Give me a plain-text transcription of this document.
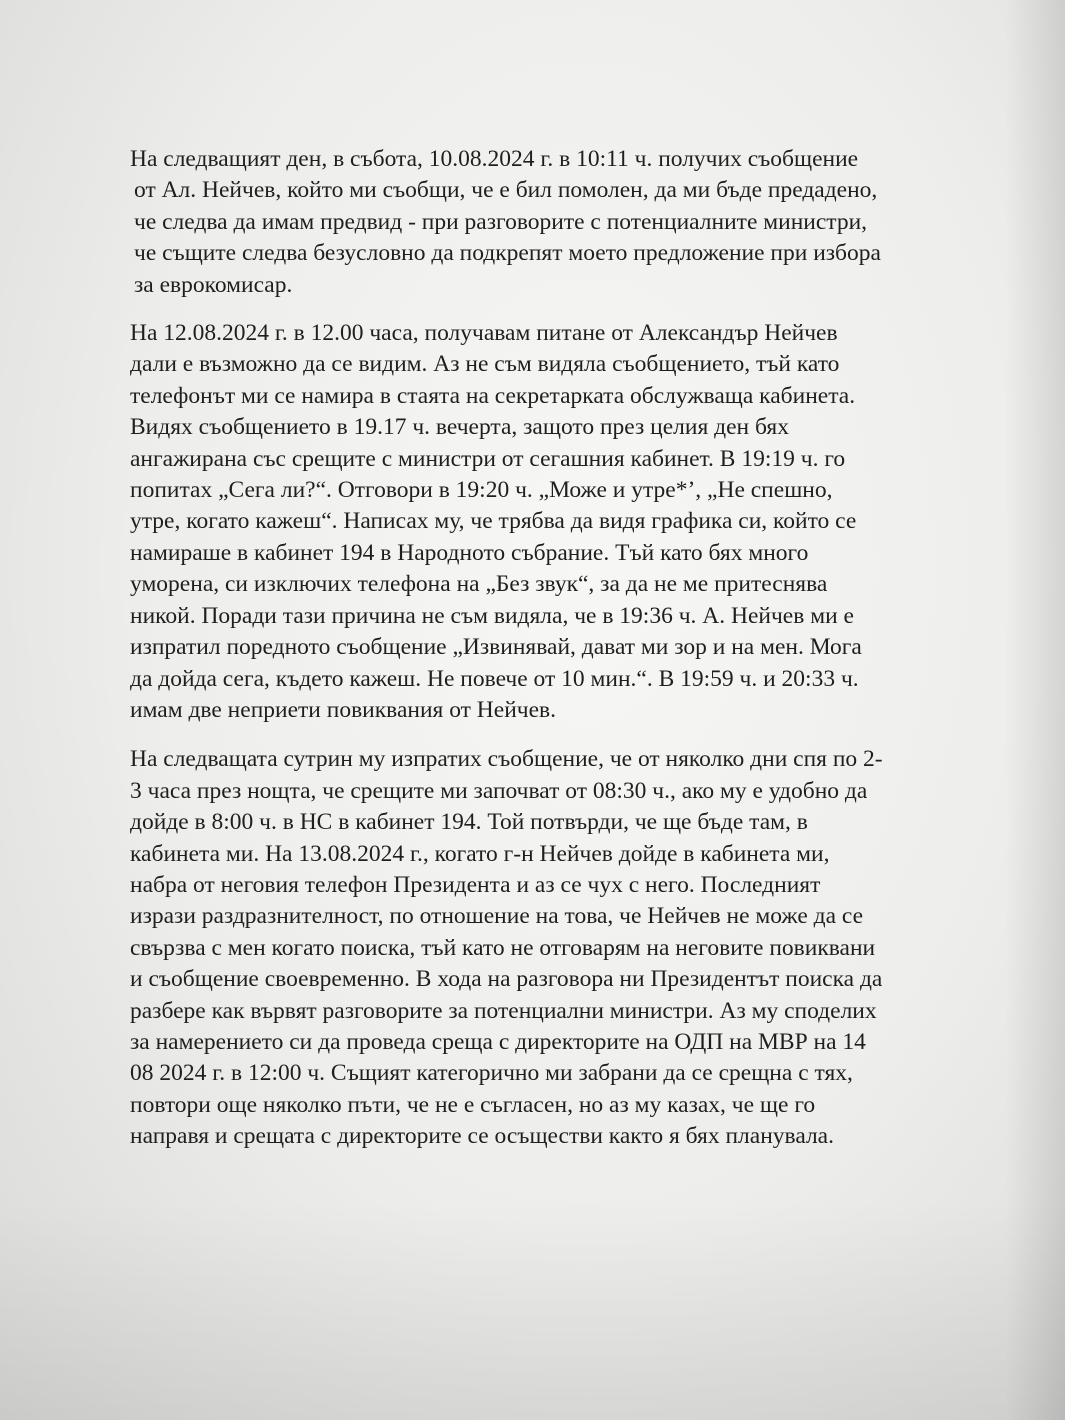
На следващият ден, в събота, 10.08.2024 г. в 10:11 ч. получих съобщение
от Ал. Нейчев, който ми съобщи, че е бил помолен, да ми бъде предадено,
че следва да имам предвид - при разговорите с потенциалните министри,
че същите следва безусловно да подкрепят моето предложение при избора
за еврокомисар.
На 12.08.2024 г. в 12.00 часа, получавам питане от Александър Нейчев
дали е възможно да се видим. Аз не съм видяла съобщението, тъй като
телефонът ми се намира в стаята на секретарката обслужваща кабинета.
Видях съобщението в 19.17 ч. вечерта, защото през целия ден бях
ангажирана със срещите с министри от сегашния кабинет. В 19:19 ч. го
попитах „Сега ли?“. Отговори в 19:20 ч. „Може и утре*’, „Не спешно,
утре, когато кажеш“. Написах му, че трябва да видя графика си, който се
намираше в кабинет 194 в Народното събрание. Тъй като бях много
уморена, си изключих телефона на „Без звук“, за да не ме притеснява
никой. Поради тази причина не съм видяла, че в 19:36 ч. А. Нейчев ми е
изпратил поредното съобщение „Извинявай, дават ми зор и на мен. Мога
да дойда сега, където кажеш. Не повече от 10 мин.“. В 19:59 ч. и 20:33 ч.
имам две неприети повиквания от Нейчев.
На следващата сутрин му изпратих съобщение, че от няколко дни спя по 2-
3 часа през нощта, че срещите ми започват от 08:30 ч., ако му е удобно да
дойде в 8:00 ч. в НС в кабинет 194. Той потвърди, че ще бъде там, в
кабинета ми. На 13.08.2024 г., когато г-н Нейчев дойде в кабинета ми,
набра от неговия телефон Президента и аз се чух с него. Последният
изрази раздразнителност, по отношение на това, че Нейчев не може да се
свързва с мен когато поиска, тъй като не отговарям на неговите повиквани
и съобщение своевременно. В хода на разговора ни Президентът поиска да
разбере как вървят разговорите за потенциални министри. Аз му споделих
за намерението си да проведа среща с директорите на ОДП на МВР на 14
08 2024 г. в 12:00 ч. Същият категорично ми забрани да се срещна с тях,
повтори още няколко пъти, че не е съгласен, но аз му казах, че ще го
направя и срещата с директорите се осъществи както я бях планувала.
